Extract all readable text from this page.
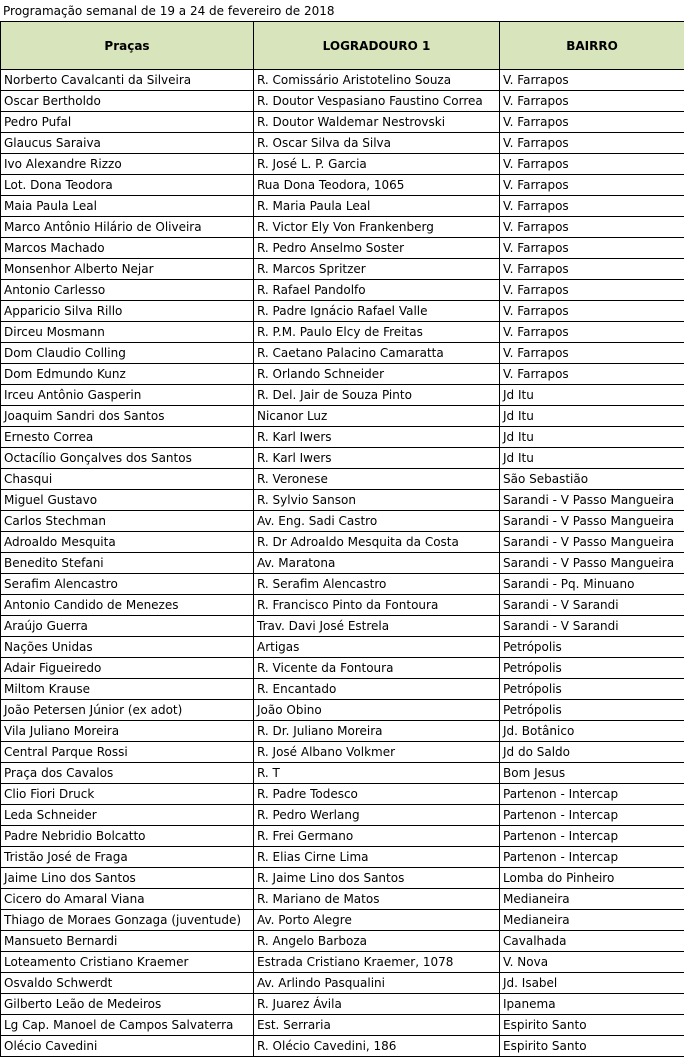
Programação semanal de 19 a 24 de fevereiro de 2018
Praças	LOGRADOURO 1	BAIRRO
Norberto Cavalcanti da Silveira	R. Comissário Aristotelino Souza	V. Farrapos
Oscar Bertholdo	R. Doutor Vespasiano Faustino Correa	V. Farrapos
Pedro Pufal	R. Doutor Waldemar Nestrovski	V. Farrapos
Glaucus Saraiva	R. Oscar Silva da Silva	V. Farrapos
Ivo Alexandre Rizzo	R. José L. P. Garcia	V. Farrapos
Lot. Dona Teodora	Rua Dona Teodora, 1065	V. Farrapos
Maia Paula Leal	R. Maria Paula Leal	V. Farrapos
Marco Antônio Hilário de Oliveira	R. Victor Ely Von Frankenberg	V. Farrapos
Marcos Machado	R. Pedro Anselmo Soster	V. Farrapos
Monsenhor Alberto Nejar	R. Marcos Spritzer	V. Farrapos
Antonio Carlesso	R. Rafael Pandolfo	V. Farrapos
Apparicio Silva Rillo	R. Padre Ignácio Rafael Valle	V. Farrapos
Dirceu Mosmann	R. P.M. Paulo Elcy de Freitas	V. Farrapos
Dom Claudio Colling	R. Caetano Palacino Camaratta	V. Farrapos
Dom Edmundo Kunz	R. Orlando Schneider	V. Farrapos
Irceu Antônio Gasperin	R. Del. Jair de Souza Pinto	Jd Itu
Joaquim Sandri dos Santos	Nicanor Luz	Jd Itu
Ernesto Correa	R. Karl Iwers	Jd Itu
Octacílio Gonçalves dos Santos	R. Karl Iwers	Jd Itu
Chasqui	R. Veronese	São Sebastião
Miguel Gustavo	R. Sylvio Sanson	Sarandi - V Passo Mangueira
Carlos Stechman	Av. Eng. Sadi Castro	Sarandi - V Passo Mangueira
Adroaldo Mesquita	R. Dr Adroaldo Mesquita da Costa	Sarandi - V Passo Mangueira
Benedito Stefani	Av. Maratona	Sarandi - V Passo Mangueira
Serafim Alencastro	R. Serafim Alencastro	Sarandi - Pq. Minuano
Antonio Candido de Menezes	R. Francisco Pinto da Fontoura	Sarandi - V Sarandi
Araújo Guerra	Trav. Davi José Estrela	Sarandi - V Sarandi
Nações Unidas	Artigas	Petrópolis
Adair Figueiredo	R. Vicente da Fontoura	Petrópolis
Miltom Krause	R. Encantado	Petrópolis
João Petersen Júnior (ex adot)	João Obino	Petrópolis
Vila Juliano Moreira	R. Dr. Juliano Moreira	Jd. Botânico
Central Parque Rossi	R. José Albano Volkmer	Jd do Saldo
Praça dos Cavalos	R. T	Bom Jesus
Clio Fiori Druck	R. Padre Todesco	Partenon - Intercap
Leda Schneider	R. Pedro Werlang	Partenon - Intercap
Padre Nebridio Bolcatto	R. Frei Germano	Partenon - Intercap
Tristão José de Fraga	R. Elias Cirne Lima	Partenon - Intercap
Jaime Lino dos Santos	R. Jaime Lino dos Santos	Lomba do Pinheiro
Cicero do Amaral Viana	R. Mariano de Matos	Medianeira
Thiago de Moraes Gonzaga (juventude)	Av. Porto Alegre	Medianeira
Mansueto Bernardi	R. Angelo Barboza	Cavalhada
Loteamento Cristiano Kraemer	Estrada Cristiano Kraemer, 1078	V. Nova
Osvaldo Schwerdt	Av. Arlindo Pasqualini	Jd. Isabel
Gilberto Leão de Medeiros	R. Juarez Ávila	Ipanema
Lg Cap. Manoel de Campos Salvaterra	Est. Serraria	Espirito Santo
Olécio Cavedini	R. Olécio Cavedini, 186	Espirito Santo
